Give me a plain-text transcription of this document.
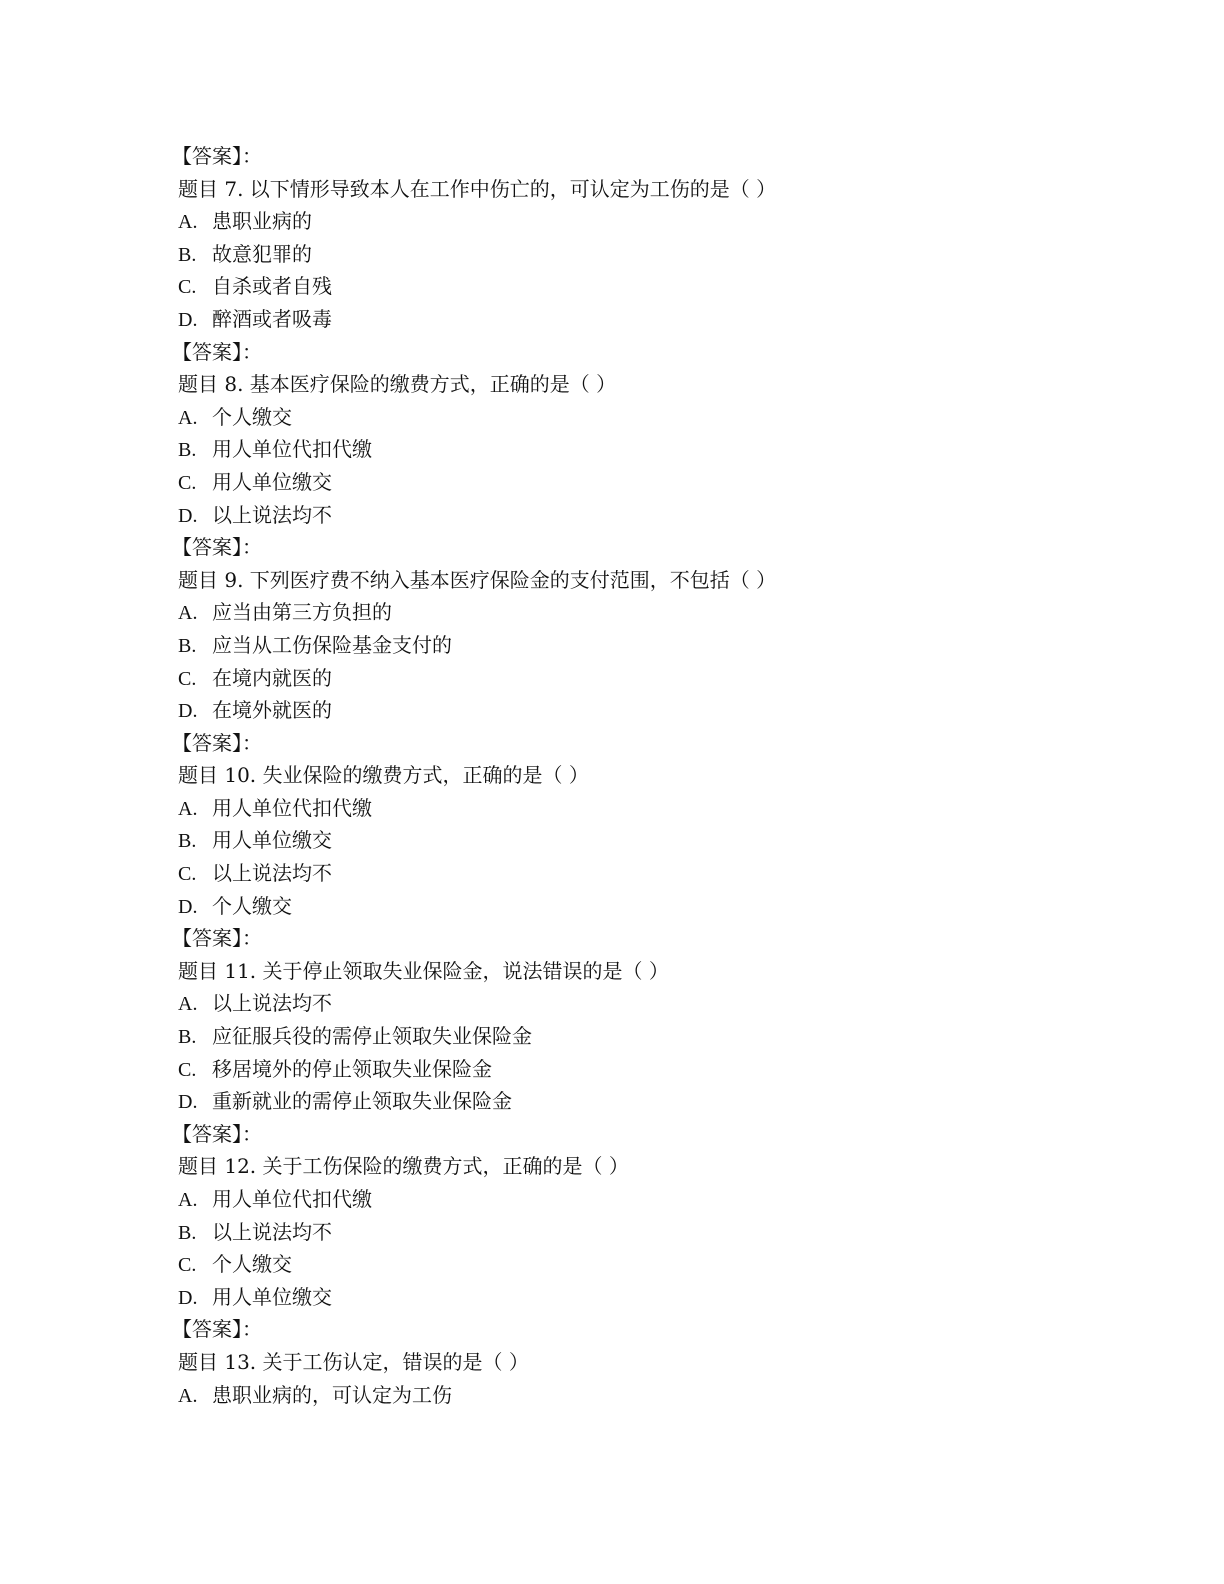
【答案】：
题目 7. 以下情形导致本人在工作中伤亡的，可认定为工伤的是（ ）
A. 患职业病的
B. 故意犯罪的
C. 自杀或者自残
D. 醉酒或者吸毒
【答案】：
题目 8. 基本医疗保险的缴费方式，正确的是（ ）
A. 个人缴交
B. 用人单位代扣代缴
C. 用人单位缴交
D. 以上说法均不
【答案】：
题目 9. 下列医疗费不纳入基本医疗保险金的支付范围，不包括（ ）
A. 应当由第三方负担的
B. 应当从工伤保险基金支付的
C. 在境内就医的
D. 在境外就医的
【答案】：
题目 10. 失业保险的缴费方式，正确的是（ ）
A. 用人单位代扣代缴
B. 用人单位缴交
C. 以上说法均不
D. 个人缴交
【答案】：
题目 11. 关于停止领取失业保险金，说法错误的是（ ）
A. 以上说法均不
B. 应征服兵役的需停止领取失业保险金
C. 移居境外的停止领取失业保险金
D. 重新就业的需停止领取失业保险金
【答案】：
题目 12. 关于工伤保险的缴费方式，正确的是（ ）
A. 用人单位代扣代缴
B. 以上说法均不
C. 个人缴交
D. 用人单位缴交
【答案】：
题目 13. 关于工伤认定，错误的是（ ）
A. 患职业病的，可认定为工伤
